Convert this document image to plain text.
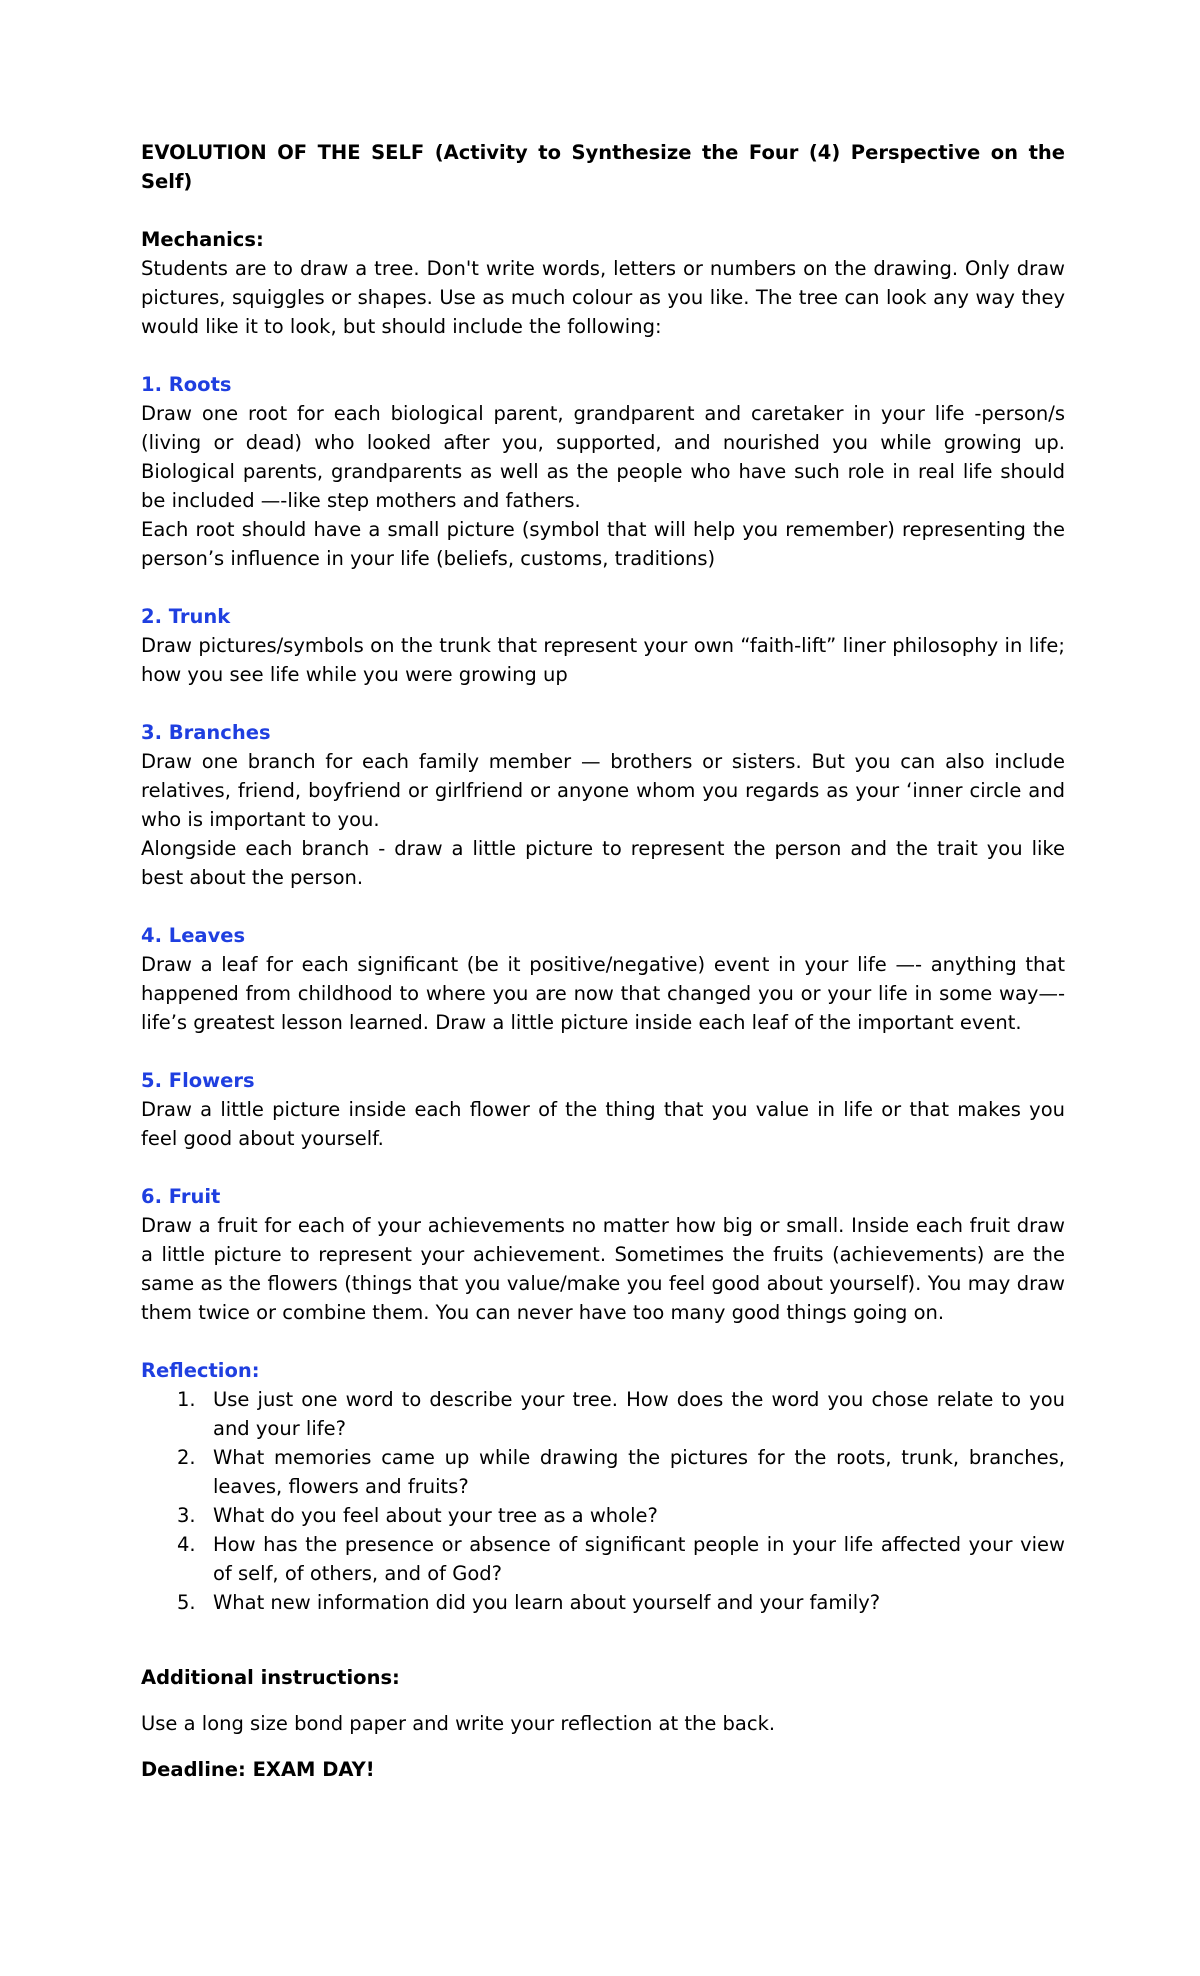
EVOLUTION OF THE SELF (Activity to Synthesize the Four (4) Perspective on the Self)

Mechanics:

Students are to draw a tree. Don't write words, letters or numbers on the drawing. Only draw pictures, squiggles or shapes. Use as much colour as you like. The tree can look any way they would like it to look, but should include the following:

1. Roots

Draw one root for each biological parent, grandparent and caretaker in your life -person/s (living or dead) who looked after you, supported, and nourished you while growing up. Biological parents, grandparents as well as the people who have such role in real life should be included —-like step mothers and fathers.

Each root should have a small picture (symbol that will help you remember) representing the person’s influence in your life (beliefs, customs, traditions)

2. Trunk

Draw pictures/symbols on the trunk that represent your own “faith-lift” liner philosophy in life; how you see life while you were growing up

3. Branches

Draw one branch for each family member — brothers or sisters. But you can also include relatives, friend, boyfriend or girlfriend or anyone whom you regards as your ‘inner circle and who is important to you.

Alongside each branch - draw a little picture to represent the person and the trait you like best about the person.

4. Leaves

Draw a leaf for each significant (be it positive/negative) event in your life —- anything that happened from childhood to where you are now that changed you or your life in some way—-life’s greatest lesson learned. Draw a little picture inside each leaf of the important event.

5. Flowers

Draw a little picture inside each flower of the thing that you value in life or that makes you feel good about yourself.

6. Fruit

Draw a fruit for each of your achievements no matter how big or small. Inside each fruit draw a little picture to represent your achievement. Sometimes the fruits (achievements) are the same as the flowers (things that you value/make you feel good about yourself). You may draw them twice or combine them. You can never have too many good things going on.

Reflection:

1. Use just one word to describe your tree. How does the word you chose relate to you and your life?
2. What memories came up while drawing the pictures for the roots, trunk, branches, leaves, flowers and fruits?
3. What do you feel about your tree as a whole?
4. How has the presence or absence of significant people in your life affected your view of self, of others, and of God?
5. What new information did you learn about yourself and your family?

Additional instructions:

Use a long size bond paper and write your reflection at the back.

Deadline: EXAM DAY!
